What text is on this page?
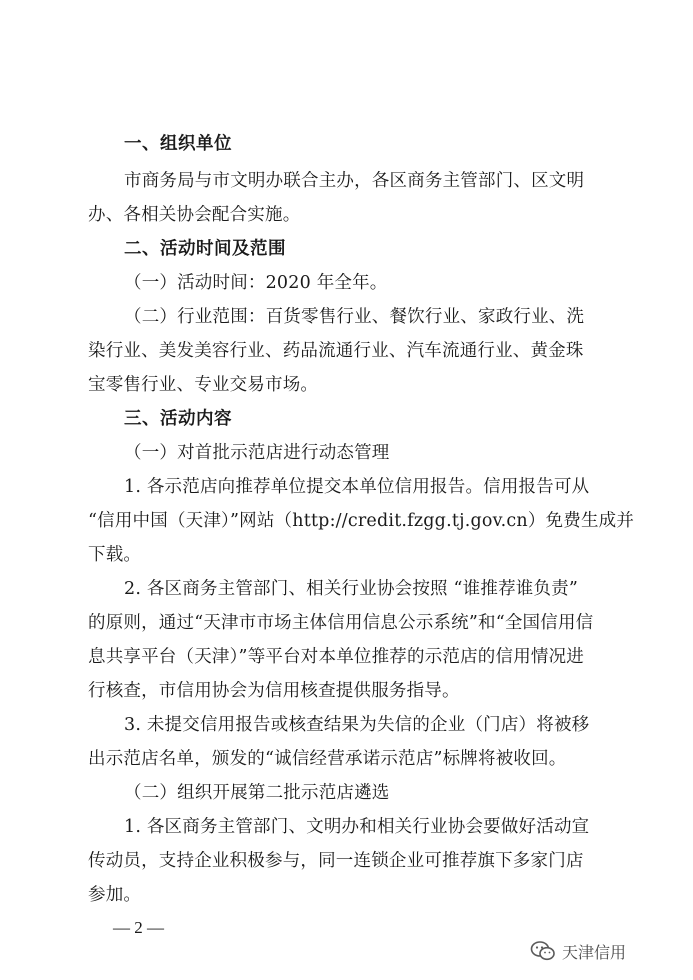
一、组织单位
市商务局与市文明办联合主办，各区商务主管部门、区文明
办、各相关协会配合实施。
二、活动时间及范围
（一）活动时间：2020 年全年。
（二）行业范围：百货零售行业、餐饮行业、家政行业、洗
染行业、美发美容行业、药品流通行业、汽车流通行业、黄金珠
宝零售行业、专业交易市场。
三、活动内容
（一）对首批示范店进行动态管理
1. 各示范店向推荐单位提交本单位信用报告。信用报告可从
“信用中国（天津）”网站（http://credit.fzgg.tj.gov.cn）免费生成并
下载。
2. 各区商务主管部门、相关行业协会按照 “谁推荐谁负责”
的原则，通过“天津市市场主体信用信息公示系统”和“全国信用信
息共享平台（天津）”等平台对本单位推荐的示范店的信用情况进
行核查，市信用协会为信用核查提供服务指导。
3. 未提交信用报告或核查结果为失信的企业（门店）将被移
出示范店名单，颁发的“诚信经营承诺示范店”标牌将被收回。
（二）组织开展第二批示范店遴选
1. 各区商务主管部门、文明办和相关行业协会要做好活动宣
传动员，支持企业积极参与，同一连锁企业可推荐旗下多家门店
参加。
— 2 —
天津信用
